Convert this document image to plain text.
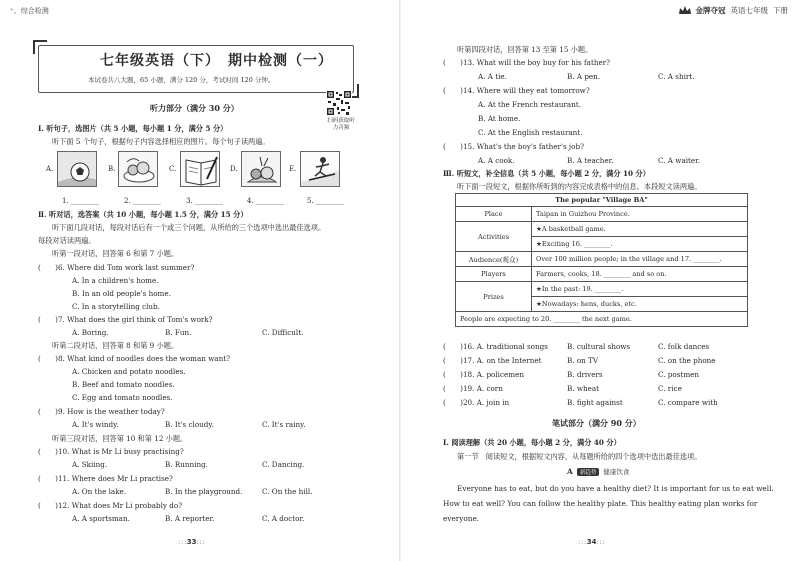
⁺、综合检测
七年级英语（下）　期中检测（一）
本试卷共八大题，65 小题，满分 120 分，考试时间 120 分钟。
扫码获取听力音频
听力部分（满分 30 分）
Ⅰ. 听句子，选图片（共 5 小题，每小题 1 分，满分 5 分）
听下面 5 个句子，根据句子内容选择相应的图片。每个句子读两遍。
A.	B.	C.	D.	E.
1. ________	2. ________	3. ________	4. ________	5. ________
Ⅱ. 听对话，选答案（共 10 小题，每小题 1.5 分，满分 15 分）
听下面几段对话，每段对话后有一个或三个问题，从所给的三个选项中选出最佳选项。
每段对话读两遍。
听第一段对话，回答第 6 和第 7 小题。
(　　)6. Where did Tom work last summer?
A. In a children's home.
B. In an old people's home.
C. In a storytelling club.
(　　)7. What does the girl think of Tom's work?
A. Boring.	B. Fun.	C. Difficult.
听第二段对话，回答第 8 和第 9 小题。
(　　)8. What kind of noodles does the woman want?
A. Chicken and potato noodles.
B. Beef and tomato noodles.
C. Egg and tomato noodles.
(　　)9. How is the weather today?
A. It's windy.	B. It's cloudy.	C. It's rainy.
听第三段对话，回答第 10 和第 12 小题。
(　　)10. What is Mr Li busy practising?
A. Skiing.	B. Running.	C. Dancing.
(　　)11. Where does Mr Li practise?
A. On the lake.	B. In the playground.	C. On the hill.
(　　)12. What does Mr Li probably do?
A. A sportsman.	B. A reporter.	C. A doctor.
:::33:::
金牌夺冠 英语七年级 下册
听第四段对话，回答第 13 至第 15 小题。
(　　)13. What will the boy buy for his father?
A. A tie.	B. A pen.	C. A shirt.
(　　)14. Where will they eat tomorrow?
A. At the French restaurant.
B. At home.
C. At the English restaurant.
(　　)15. What's the boy's father's job?
A. A cook.	B. A teacher.	C. A waiter.
Ⅲ. 听短文，补全信息（共 5 小题，每小题 2 分，满分 10 分）
听下面一段短文，根据你所听到的内容完成表格中的信息。本段短文读两遍。
The popular "Village BA"	
Place	Taipan in Guizhou Province.
Activities	★A basketball game.
	★Exciting 16. ________.
Audience(观众)	Over 100 million people; in the village and 17. ________.
Players	Farmers, cooks, 18. ________ and so on.
Prizes	★In the past: 19. ________.
	★Nowadays: hens, ducks, etc.
People are expecting to 20. ________ the next game.	
(　　)16. A. traditional songs	B. cultural shows	C. folk dances
(　　)17. A. on the Internet	B. on TV	C. on the phone
(　　)18. A. policemen	B. drivers	C. postmen
(　　)19. A. corn	B. wheat	C. rice
(　　)20. A. join in	B. fight against	C. compare with
笔试部分（满分 90 分）
Ⅰ. 阅读理解（共 20 小题，每小题 2 分，满分 40 分）
第一节　阅读短文，根据短文内容，从每题所给的四个选项中选出最佳选项。
A	新趋势	健康饮食
Everyone has to eat, but do you have a healthy diet? It is important for us to eat well.
How to eat well? You can follow the healthy plate. This healthy eating plan works for
everyone.
:::34:::
